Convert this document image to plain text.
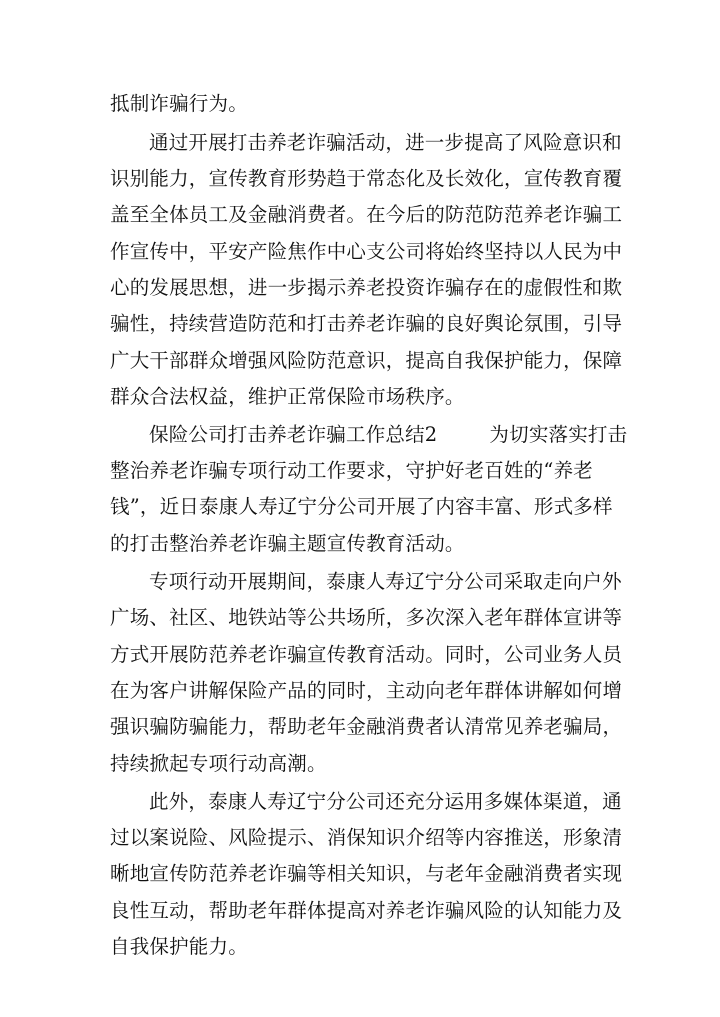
抵制诈骗行为。
通过开展打击养老诈骗活动，进一步提高了风险意识和
识别能力，宣传教育形势趋于常态化及长效化，宣传教育覆
盖至全体员工及金融消费者。在今后的防范防范养老诈骗工
作宣传中，平安产险焦作中心支公司将始终坚持以人民为中
心的发展思想，进一步揭示养老投资诈骗存在的虚假性和欺
骗性，持续营造防范和打击养老诈骗的良好舆论氛围，引导
广大干部群众增强风险防范意识，提高自我保护能力，保障
群众合法权益，维护正常保险市场秩序。
保险公司打击养老诈骗工作总结2	为切实落实打击
整治养老诈骗专项行动工作要求，守护好老百姓的“养老
钱”，近日泰康人寿辽宁分公司开展了内容丰富、形式多样
的打击整治养老诈骗主题宣传教育活动。
专项行动开展期间，泰康人寿辽宁分公司采取走向户外
广场、社区、地铁站等公共场所，多次深入老年群体宣讲等
方式开展防范养老诈骗宣传教育活动。同时，公司业务人员
在为客户讲解保险产品的同时，主动向老年群体讲解如何增
强识骗防骗能力，帮助老年金融消费者认清常见养老骗局，
持续掀起专项行动高潮。
此外，泰康人寿辽宁分公司还充分运用多媒体渠道，通
过以案说险、风险提示、消保知识介绍等内容推送，形象清
晰地宣传防范养老诈骗等相关知识，与老年金融消费者实现
良性互动，帮助老年群体提高对养老诈骗风险的认知能力及
自我保护能力。
